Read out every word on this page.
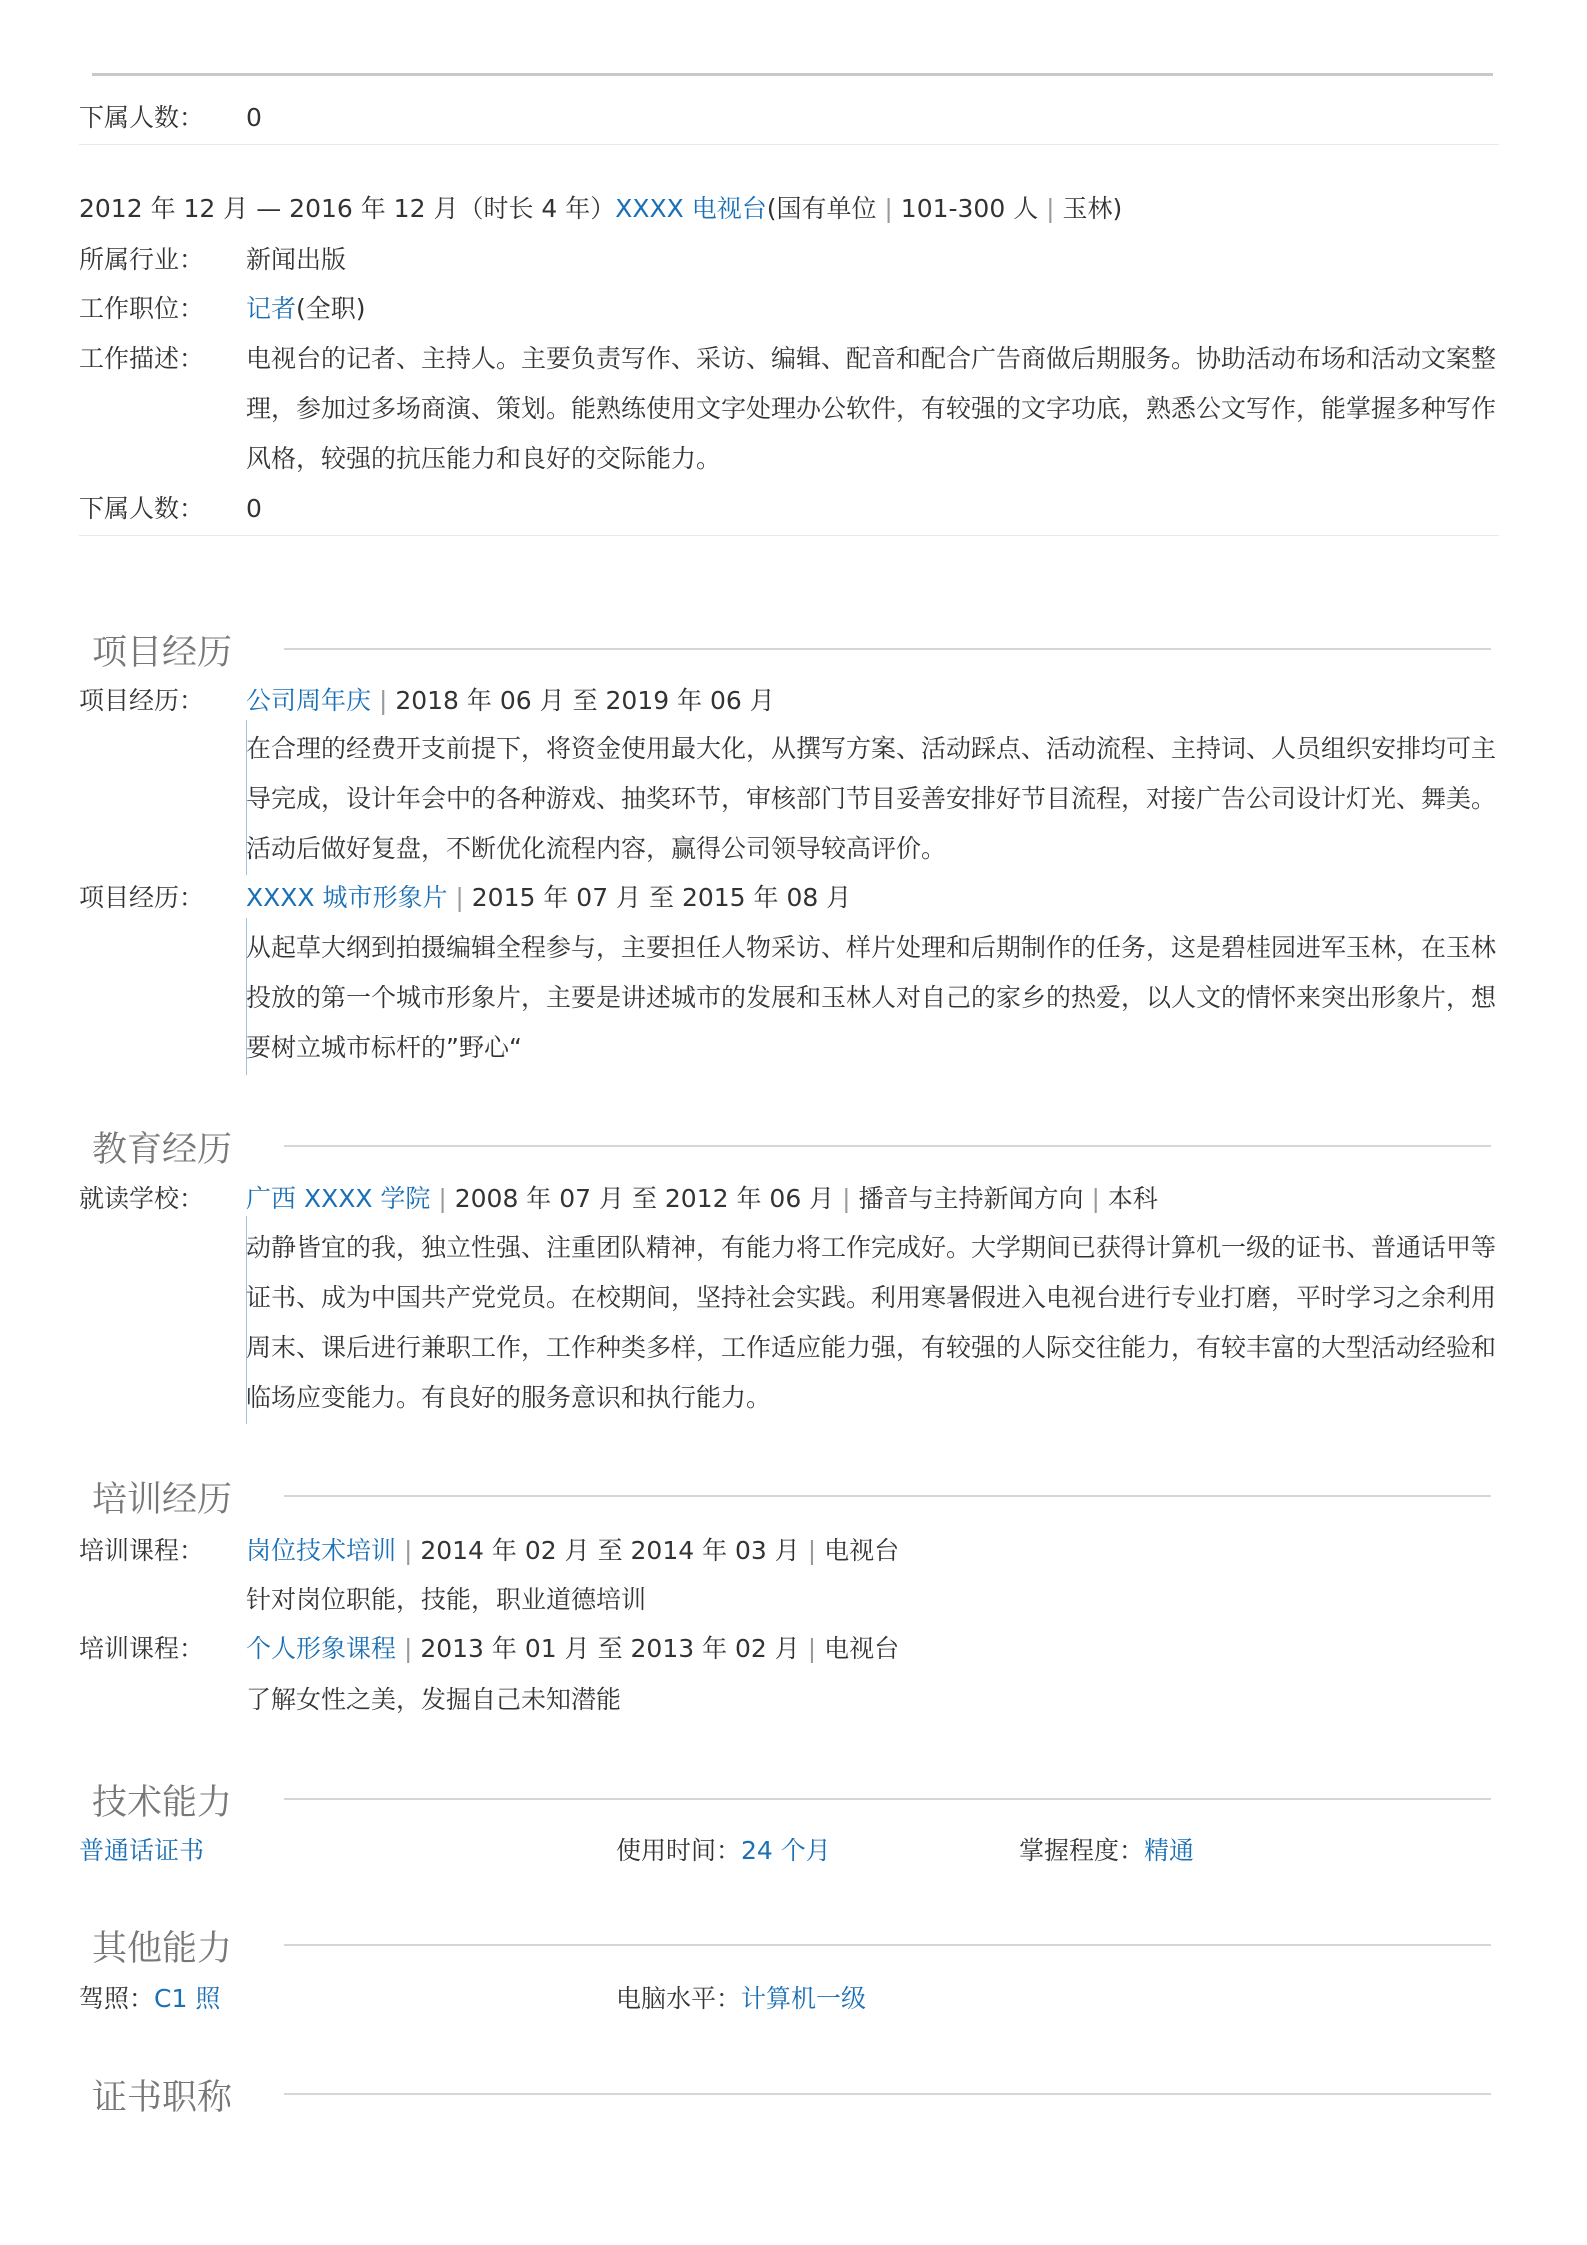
下属人数： 0
2012 年 12 月 — 2016 年 12 月（时长 4 年）XXXX 电视台(国有单位 | 101-300 人 | 玉林)
所属行业： 新闻出版
工作职位： 记者(全职)
工作描述： 电视台的记者、主持人。主要负责写作、采访、编辑、配音和配合广告商做后期服务。协助活动布场和活动文案整理，参加过多场商演、策划。能熟练使用文字处理办公软件，有较强的文字功底，熟悉公文写作，能掌握多种写作风格，较强的抗压能力和良好的交际能力。
下属人数： 0
项目经历
项目经历： 公司周年庆 | 2018 年 06 月 至 2019 年 06 月
在合理的经费开支前提下，将资金使用最大化，从撰写方案、活动踩点、活动流程、主持词、人员组织安排均可主导完成，设计年会中的各种游戏、抽奖环节，审核部门节目妥善安排好节目流程，对接广告公司设计灯光、舞美。活动后做好复盘，不断优化流程内容，赢得公司领导较高评价。
项目经历： XXXX 城市形象片 | 2015 年 07 月 至 2015 年 08 月
从起草大纲到拍摄编辑全程参与，主要担任人物采访、样片处理和后期制作的任务，这是碧桂园进军玉林，在玉林投放的第一个城市形象片，主要是讲述城市的发展和玉林人对自己的家乡的热爱，以人文的情怀来突出形象片，想要树立城市标杆的”野心“
教育经历
就读学校： 广西 XXXX 学院 | 2008 年 07 月 至 2012 年 06 月 | 播音与主持新闻方向 | 本科
动静皆宜的我，独立性强、注重团队精神，有能力将工作完成好。大学期间已获得计算机一级的证书、普通话甲等证书、成为中国共产党党员。在校期间，坚持社会实践。利用寒暑假进入电视台进行专业打磨，平时学习之余利用周末、课后进行兼职工作，工作种类多样，工作适应能力强，有较强的人际交往能力，有较丰富的大型活动经验和临场应变能力。有良好的服务意识和执行能力。
培训经历
培训课程： 岗位技术培训 | 2014 年 02 月 至 2014 年 03 月 | 电视台
针对岗位职能，技能，职业道德培训
培训课程： 个人形象课程 | 2013 年 01 月 至 2013 年 02 月 | 电视台
了解女性之美，发掘自己未知潜能
技术能力
普通话证书	使用时间：24 个月	掌握程度：精通
其他能力
驾照：C1 照	电脑水平：计算机一级
证书职称
